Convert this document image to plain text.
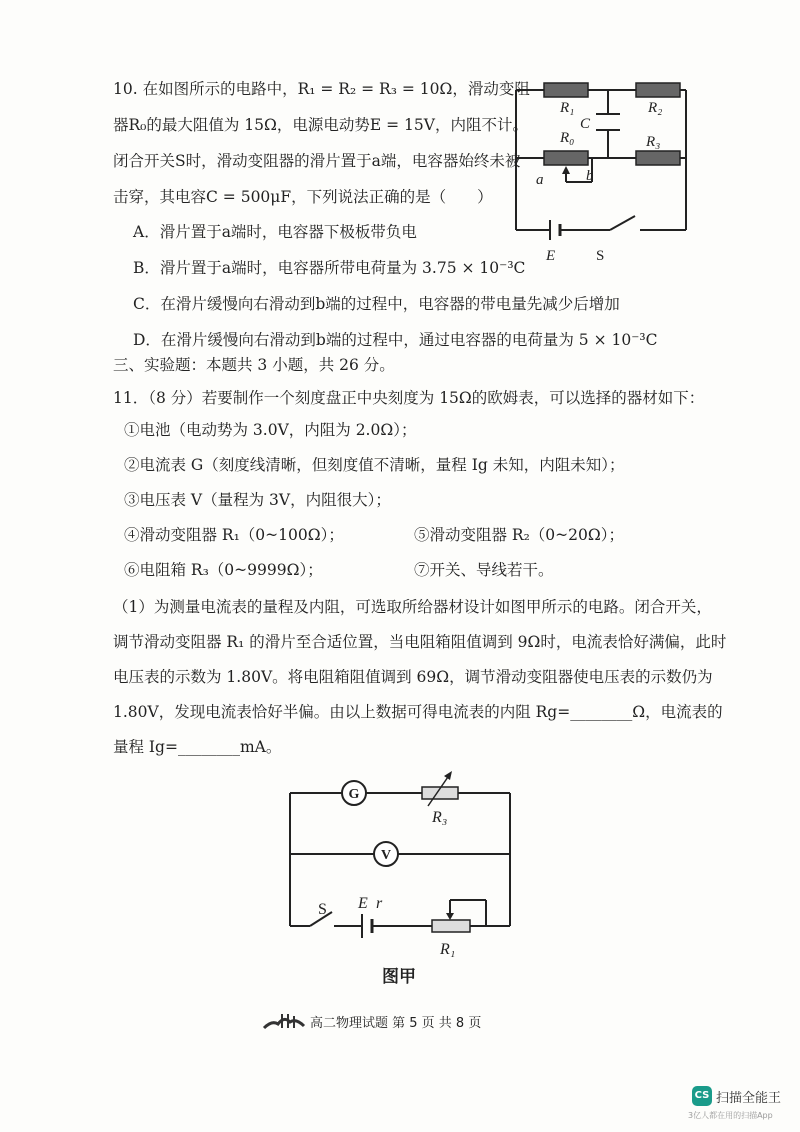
10. 在如图所示的电路中，R₁ = R₂ = R₃ = 10Ω，滑动变阻
器R₀的最大阻值为 15Ω，电源电动势E = 15V，内阻不计。
闭合开关S时，滑动变阻器的滑片置于a端，电容器始终未被
击穿，其电容C = 500μF，下列说法正确的是（　　）
A．滑片置于a端时，电容器下极板带负电
B．滑片置于a端时，电容器所带电荷量为 3.75 × 10⁻³C
C．在滑片缓慢向右滑动到b端的过程中，电容器的带电量先减少后增加
D．在滑片缓慢向右滑动到b端的过程中，通过电容器的电荷量为 5 × 10⁻³C
R₁	R₂
C
R₀	R₃
a	b
E	S
三、实验题：本题共 3 小题，共 26 分。
11．（8 分）若要制作一个刻度盘正中央刻度为 15Ω的欧姆表，可以选择的器材如下：
①电池（电动势为 3.0V，内阻为 2.0Ω）；
②电流表 G（刻度线清晰，但刻度值不清晰，量程 Ig 未知，内阻未知）；
③电压表 V（量程为 3V，内阻很大）；
④滑动变阻器 R₁（0~100Ω）；	⑤滑动变阻器 R₂（0~20Ω）；
⑥电阻箱 R₃（0~9999Ω）；	⑦开关、导线若干。
（1）为测量电流表的量程及内阻，可选取所给器材设计如图甲所示的电路。闭合开关，
调节滑动变阻器 R₁ 的滑片至合适位置，当电阻箱阻值调到 9Ω时，电流表恰好满偏，此时
电压表的示数为 1.80V。将电阻箱阻值调到 69Ω，调节滑动变阻器使电压表的示数仍为
1.80V，发现电流表恰好半偏。由以上数据可得电流表的内阻 Rg=________Ω，电流表的
量程 Ig=________mA。
G
V
R₃
S E r
R₁
图甲
高二物理试题 第 5 页 共 8 页
CS 扫描全能王
3亿人都在用的扫描App
